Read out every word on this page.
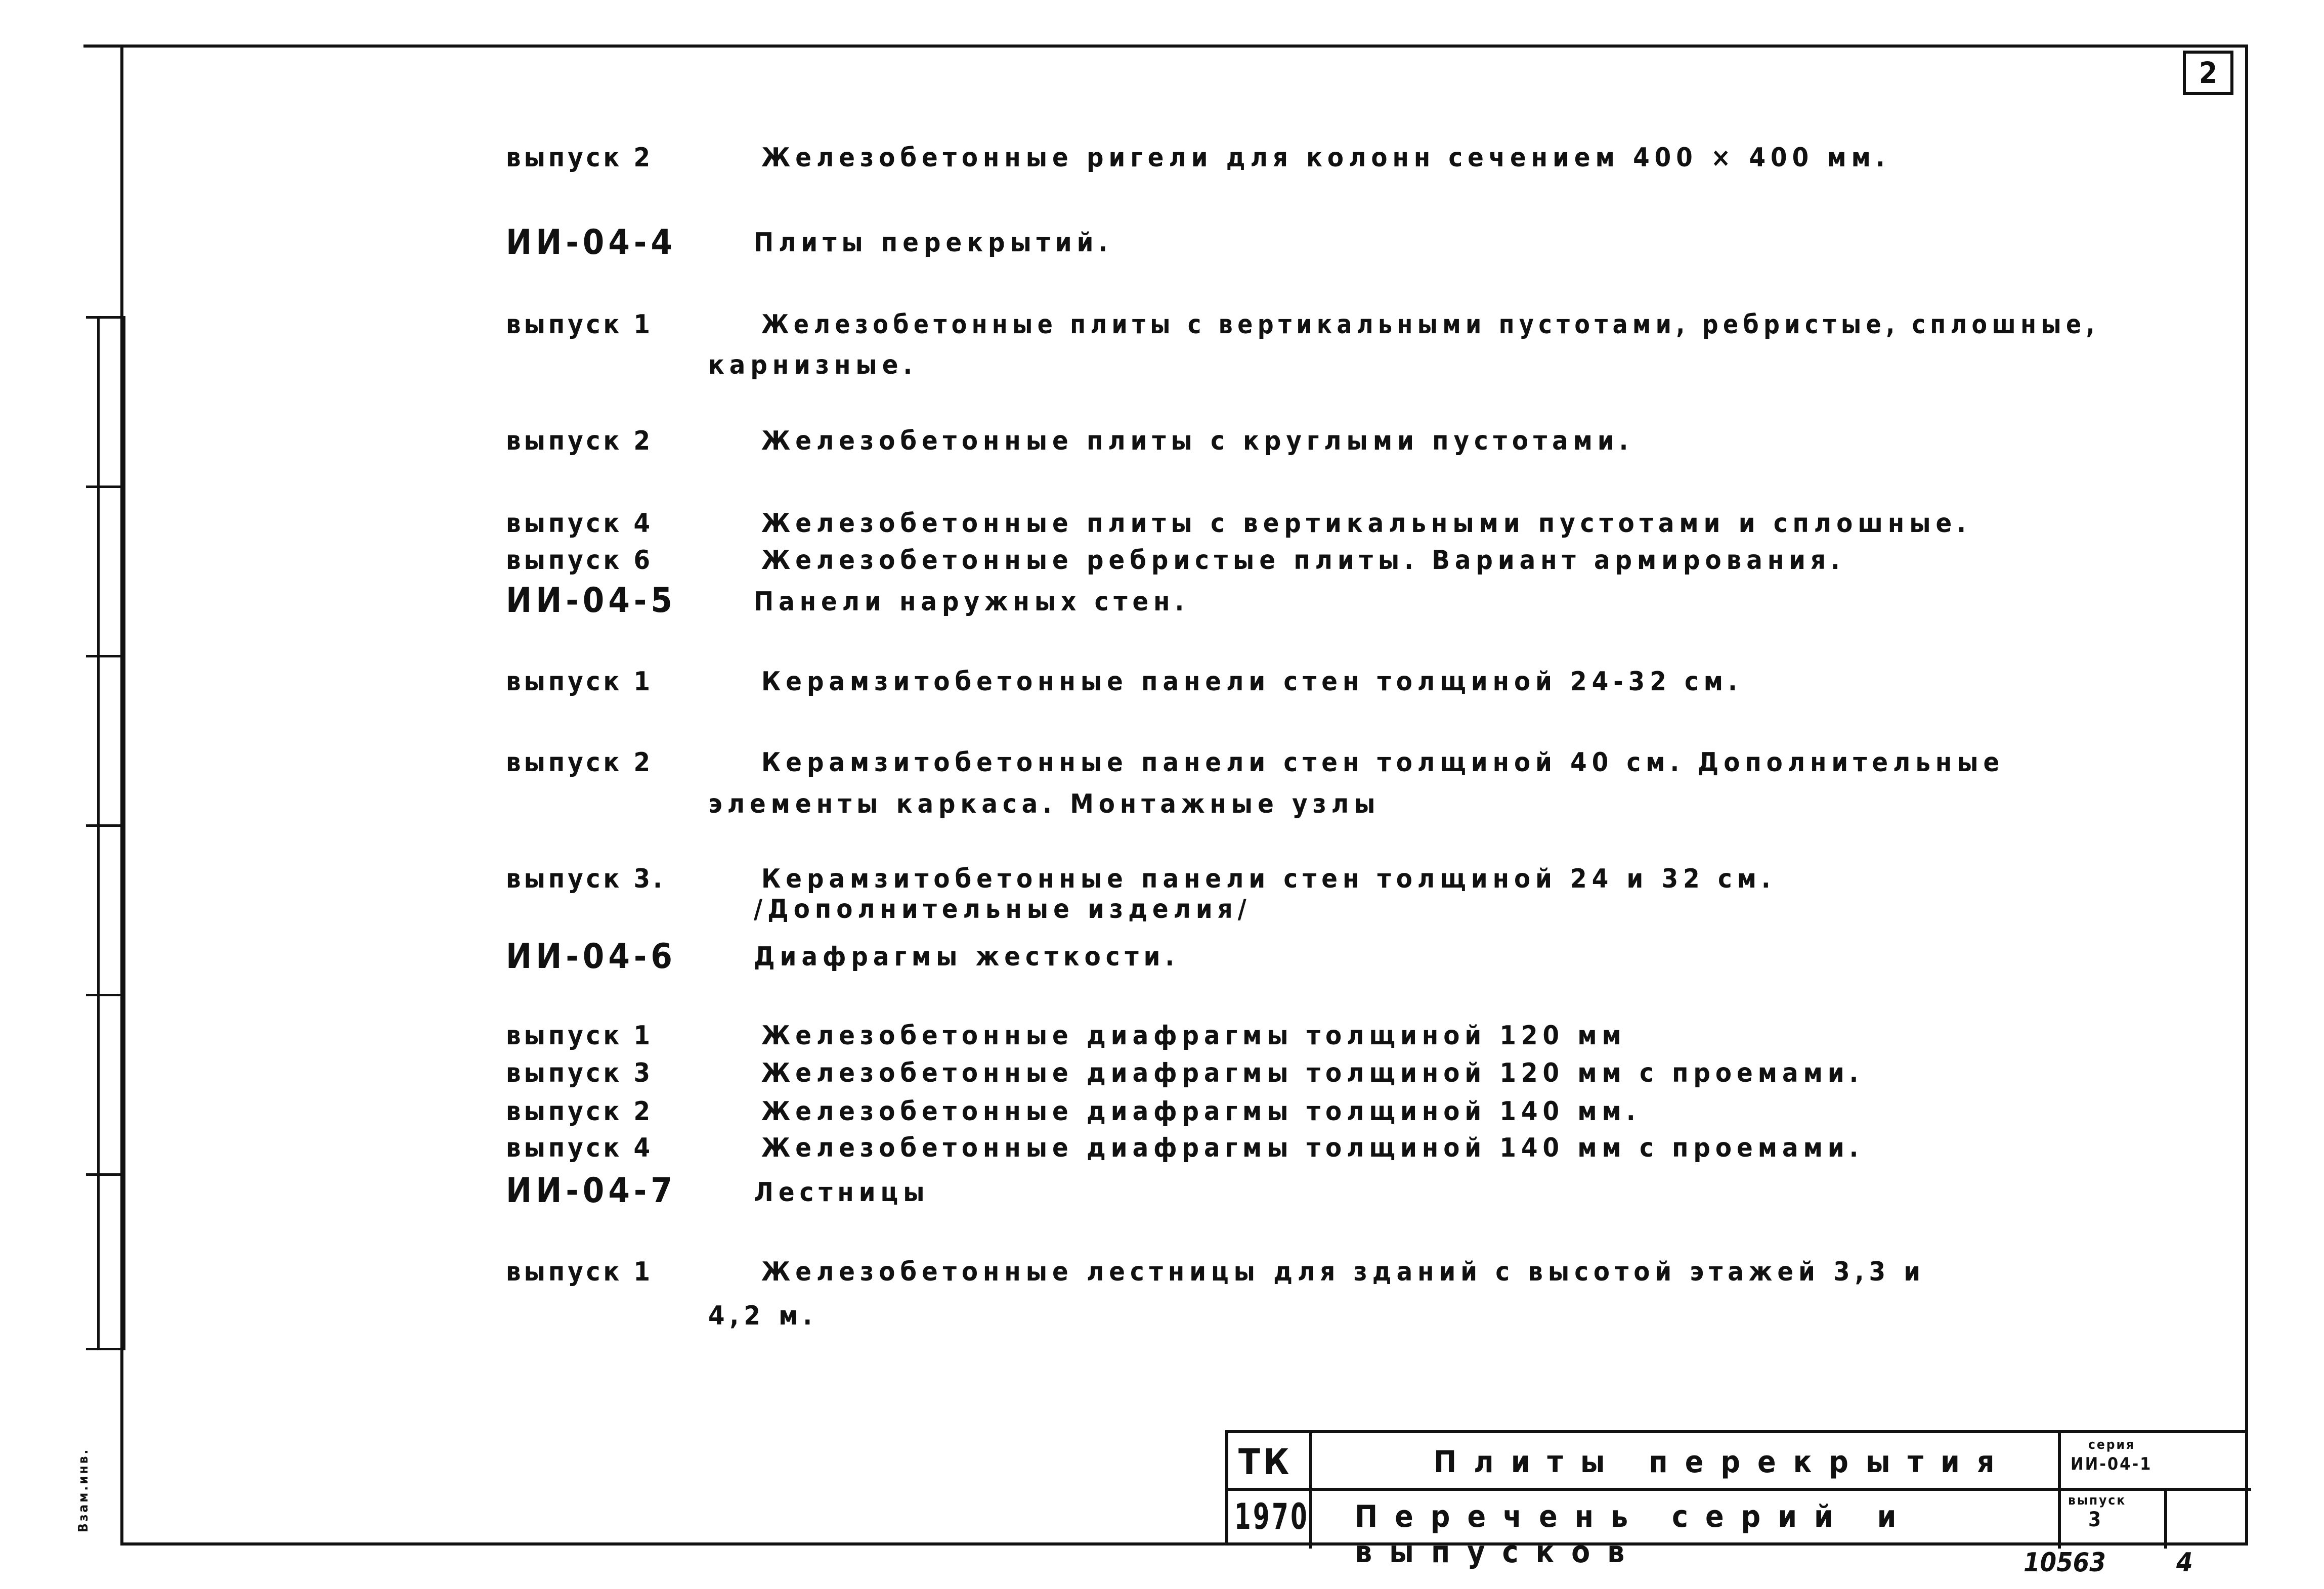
Взам.инв.
2
выпуск 2	Железобетонные ригели для колонн сечением 400 × 400 мм.
ИИ-04-4	Плиты перекрытий.
выпуск 1	Железобетонные плиты с вертикальными пустотами, ребристые, сплошные,
карнизные.
выпуск 2	Железобетонные плиты с круглыми пустотами.
выпуск 4	Железобетонные плиты с вертикальными пустотами и сплошные.
выпуск 6	Железобетонные ребристые плиты. Вариант армирования.
ИИ-04-5	Панели наружных стен.
выпуск 1	Керамзитобетонные панели стен толщиной 24-32 см.
выпуск 2	Керамзитобетонные панели стен толщиной 40 см. Дополнительные
элементы каркаса. Монтажные узлы
выпуск 3.	Керамзитобетонные панели стен толщиной 24 и 32 см.
/Дополнительные изделия/
ИИ-04-6	Диафрагмы жесткости.
выпуск 1	Железобетонные диафрагмы толщиной 120 мм
выпуск 3	Железобетонные диафрагмы толщиной 120 мм с проемами.
выпуск 2	Железобетонные диафрагмы толщиной 140 мм.
выпуск 4	Железобетонные диафрагмы толщиной 140 мм с проемами.
ИИ-04-7	Лестницы
выпуск 1	Железобетонные лестницы для зданий с высотой этажей 3,3 и
4,2 м.
ТК
1970
Плиты перекрытия
Перечень серий и выпусков
серия
ИИ-04-1
выпуск
3
10563	4
